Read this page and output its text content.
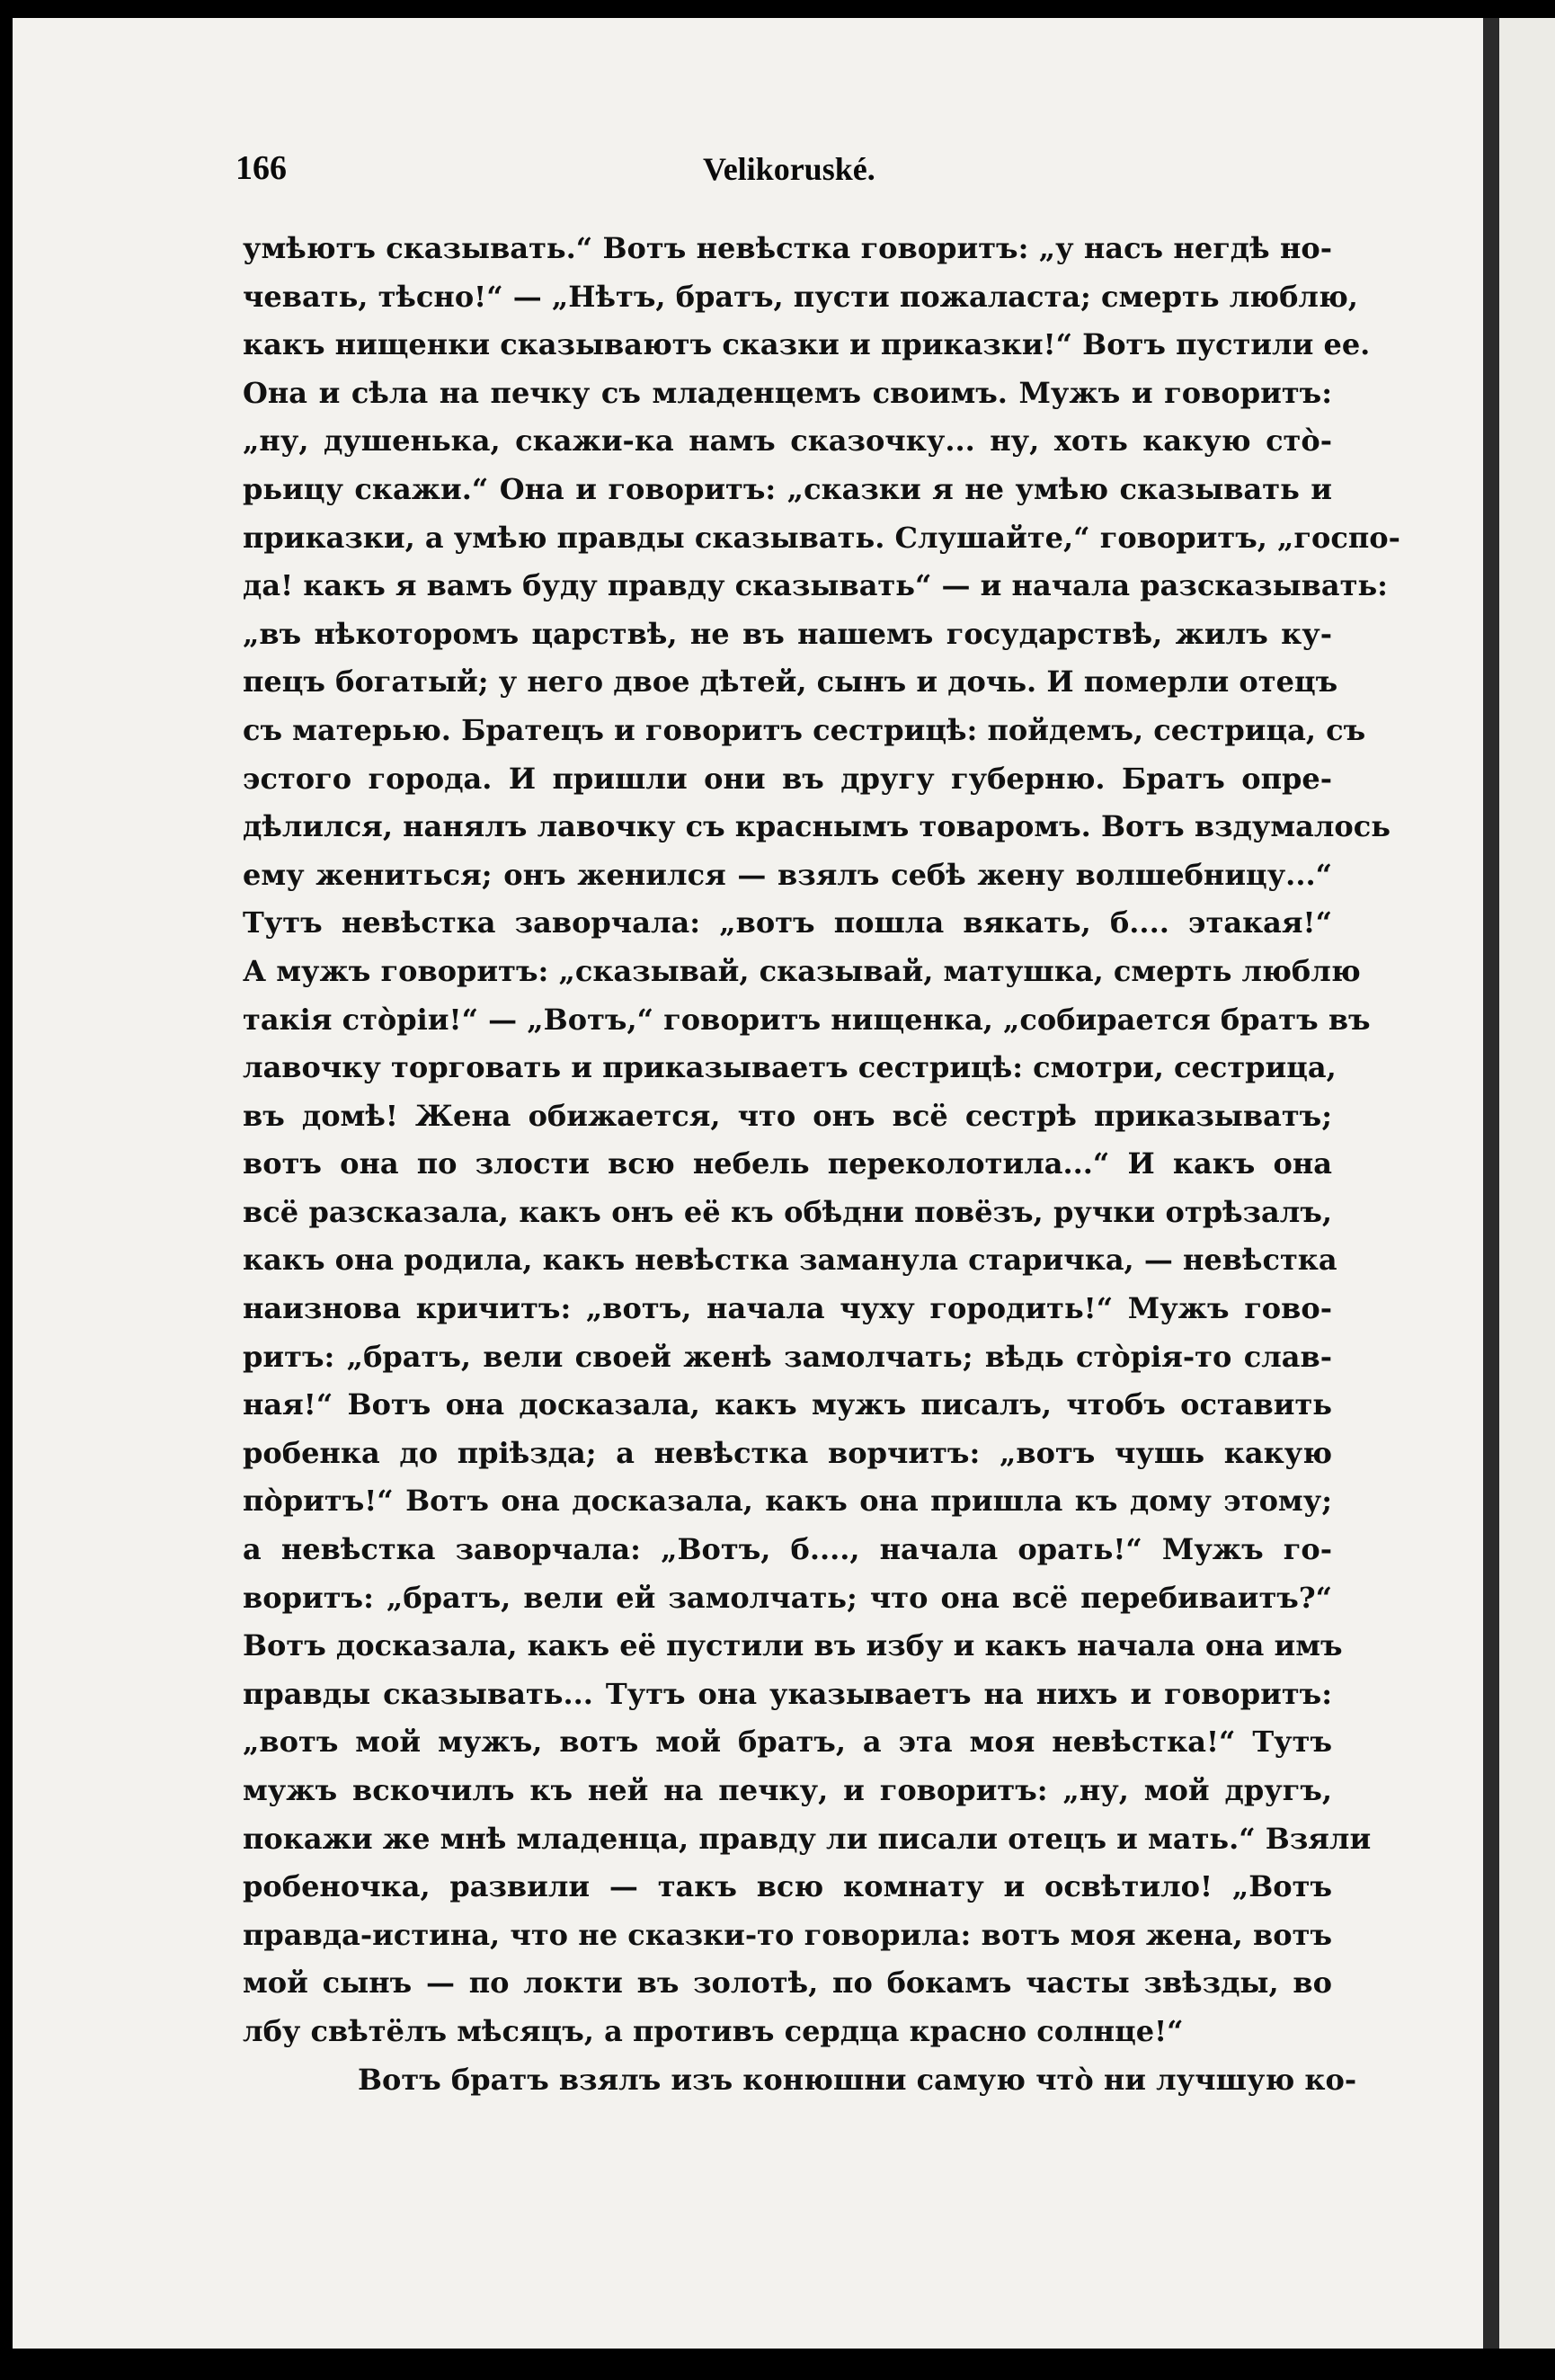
166	Velikoruské.
умѣютъ сказывать.“ Вотъ невѣстка говоритъ: „у насъ негдѣ но-
чевать, тѣсно!“ — „Нѣтъ, братъ, пусти пожаласта; смерть люблю,
какъ нищенки сказываютъ сказки и приказки!“ Вотъ пустили ее.
Она и сѣла на печку съ младенцемъ своимъ. Мужъ и говоритъ:
„ну, душенька, скажи-ка намъ сказочку... ну, хоть какую стò-
рьицу скажи.“ Она и говоритъ: „сказки я не умѣю сказывать и
приказки, а умѣю правды сказывать. Слушайте,“ говоритъ, „госпо-
да! какъ я вамъ буду правду сказывать“ — и начала разсказывать:
„въ нѣкоторомъ царствѣ, не въ нашемъ государствѣ, жилъ ку-
пецъ богатый; у него двое дѣтей, сынъ и дочь. И померли отецъ
съ матерью. Братецъ и говоритъ сестрицѣ: пойдемъ, сестрица, съ
эстого города. И пришли они въ другу губерню. Братъ опре-
дѣлился, нанялъ лавочку съ краснымъ товаромъ. Вотъ вздумалось
ему жениться; онъ женился — взялъ себѣ жену волшебницу...“
Тутъ невѣстка заворчала: „вотъ пошла вякать, б.... этакая!“
А мужъ говоритъ: „сказывай, сказывай, матушка, смерть люблю
такія стòріи!“ — „Вотъ,“ говоритъ нищенка, „собирается братъ въ
лавочку торговать и приказываетъ сестрицѣ: смотри, сестрица,
въ домѣ! Жена обижается, что онъ всё сестрѣ приказыватъ;
вотъ она по злости всю небель переколотила...“ И какъ она
всё разсказала, какъ онъ её къ обѣдни повёзъ, ручки отрѣзалъ,
какъ она родила, какъ невѣстка заманула старичка, — невѣстка
наизнова кричитъ: „вотъ, начала чуху городить!“ Мужъ гово-
ритъ: „братъ, вели своей женѣ замолчать; вѣдь стòрія-то слав-
ная!“ Вотъ она досказала, какъ мужъ писалъ, чтобъ оставить
робенка до пріѣзда; а невѣстка ворчитъ: „вотъ чушь какую
пòритъ!“ Вотъ она досказала, какъ она пришла къ дому этому;
а невѣстка заворчала: „Вотъ, б...., начала орать!“ Мужъ го-
воритъ: „братъ, вели ей замолчать; что она всё перебиваитъ?“
Вотъ досказала, какъ её пустили въ избу и какъ начала она имъ
правды сказывать... Тутъ она указываетъ на нихъ и говоритъ:
„вотъ мой мужъ, вотъ мой братъ, а эта моя невѣстка!“ Тутъ
мужъ вскочилъ къ ней на печку, и говоритъ: „ну, мой другъ,
покажи же мнѣ младенца, правду ли писали отецъ и мать.“ Взяли
робеночка, развили — такъ всю комнату и освѣтило! „Вотъ
правда-истина, что не сказки-то говорила: вотъ моя жена, вотъ
мой сынъ — по локти въ золотѣ, по бокамъ часты звѣзды, во
лбу свѣтёлъ мѣсяцъ, а противъ сердца красно солнце!“
Вотъ братъ взялъ изъ конюшни самую чтò ни лучшую ко-
